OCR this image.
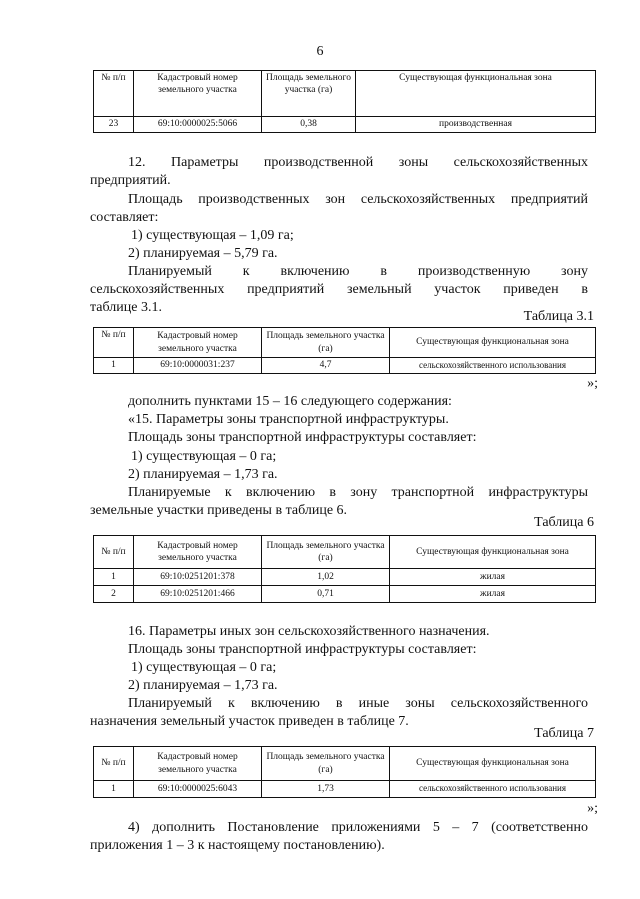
6
№ п/п	Кадастровый номер земельного участка	Площадь земельного участка (га)	Существующая функциональная зона
23	69:10:0000025:5066	0,38	производственная
12. Параметры производственной зоны сельскохозяйственных
предприятий.
Площадь производственных зон сельскохозяйственных предприятий
составляет:
1) существующая – 1,09 га;
2) планируемая – 5,79 га.
Планируемый к включению в производственную зону
сельскохозяйственных предприятий земельный участок приведен в
таблице 3.1.
Таблица 3.1
№ п/п	Кадастровый номер земельного участка	Площадь земельного участка (га)	Существующая функциональная зона
1	69:10:0000031:237	4,7	сельскохозяйственного использования
»;
дополнить пунктами 15 – 16 следующего содержания:
«15. Параметры зоны транспортной инфраструктуры.
Площадь зоны транспортной инфраструктуры составляет:
1) существующая – 0 га;
2) планируемая – 1,73 га.
Планируемые к включению в зону транспортной инфраструктуры
земельные участки приведены в таблице 6.
Таблица 6
№ п/п	Кадастровый номер земельного участка	Площадь земельного участка (га)	Существующая функциональная зона
1	69:10:0251201:378	1,02	жилая
2	69:10:0251201:466	0,71	жилая
16. Параметры иных зон сельскохозяйственного назначения.
Площадь зоны транспортной инфраструктуры составляет:
1) существующая – 0 га;
2) планируемая – 1,73 га.
Планируемый к включению в иные зоны сельскохозяйственного
назначения земельный участок приведен в таблице 7.
Таблица 7
№ п/п	Кадастровый номер земельного участка	Площадь земельного участка (га)	Существующая функциональная зона
1	69:10:0000025:6043	1,73	сельскохозяйственного использования
»;
4) дополнить Постановление приложениями 5 – 7 (соответственно
приложения 1 – 3 к настоящему постановлению).
